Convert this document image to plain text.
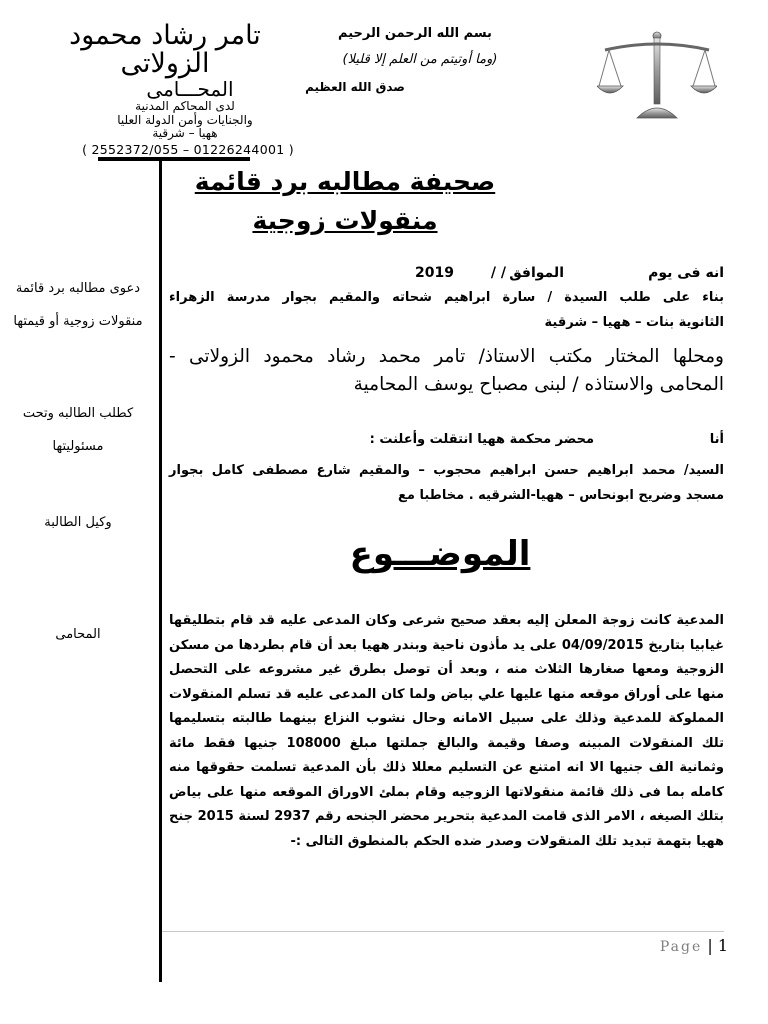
تامر رشاد محمود الزولاتى
المحـــامى
لدى المحاكم المدنية
والجنايات وأمن الدولة العليا
ههيا – شرقية
( 2552372/055 – 01226244001 )
بسم الله الرحمن الرحيم
(وما أوتيتم من العلم إلا قليلا)
صدق الله العظيم
صحيفة مطالبه برد قائمة منقولات زوجية
دعوى مطالبه برد قائمة منقولات زوجية أو قيمتها
كطلب الطالبه وتحت مسئوليتها
وكيل الطالبة
المحامى
انه فى يوم
الموافق
/ /
2019
بناء على طلب السيدة / سارة ابراهيم شحاته والمقيم بجوار مدرسة الزهراء
الثانوية بنات – ههيا – شرقية
ومحلها المختار مكتب الاستاذ/ تامر محمد رشاد محمود الزولاتى - المحامى والاستاذه / لبنى مصباح يوسف المحامية
أنا
محضر محكمة ههيا انتقلت وأعلنت :
السيد/ محمد ابراهيم حسن ابراهيم محجوب – والمقيم شارع مصطفى كامل بجوار مسجد وضريح ابونحاس – ههيا-الشرقيه . مخاطبا مع
الموضـــوع
المدعية كانت زوجة المعلن إليه بعقد صحيح شرعى وكان المدعى عليه قد قام بتطليقها غيابيا بتاريخ 04/09/2015 على يد مأذون ناحية وبندر ههيا بعد أن قام بطردها من مسكن الزوجية ومعها صغارها الثلاث منه ، وبعد أن توصل بطرق غير مشروعه على التحصل منها على أوراق موقعه منها عليها علي بياض ولما كان المدعى عليه قد تسلم المنقولات المملوكة للمدعية وذلك على سبيل الامانه وحال نشوب النزاع بينهما طالبته بتسليمها تلك المنقولات المبينه وصفا وقيمة والبالغ جملتها مبلغ 108000 جنيها فقط مائة وثمانية الف جنيها الا انه امتنع عن التسليم معللا ذلك بأن المدعية تسلمت حقوقها منه كامله بما فى ذلك قائمة منقولاتها الزوجيه وقام بملئ الاوراق الموقعه منها على بياض بتلك الصيغه ، الامر الذى قامت المدعية بتحرير محضر الجنحه رقم 2937 لسنة 2015 جنح ههيا بتهمة تبديد تلك المنقولات وصدر ضده الحكم بالمنطوق التالى :-
Page | 1
